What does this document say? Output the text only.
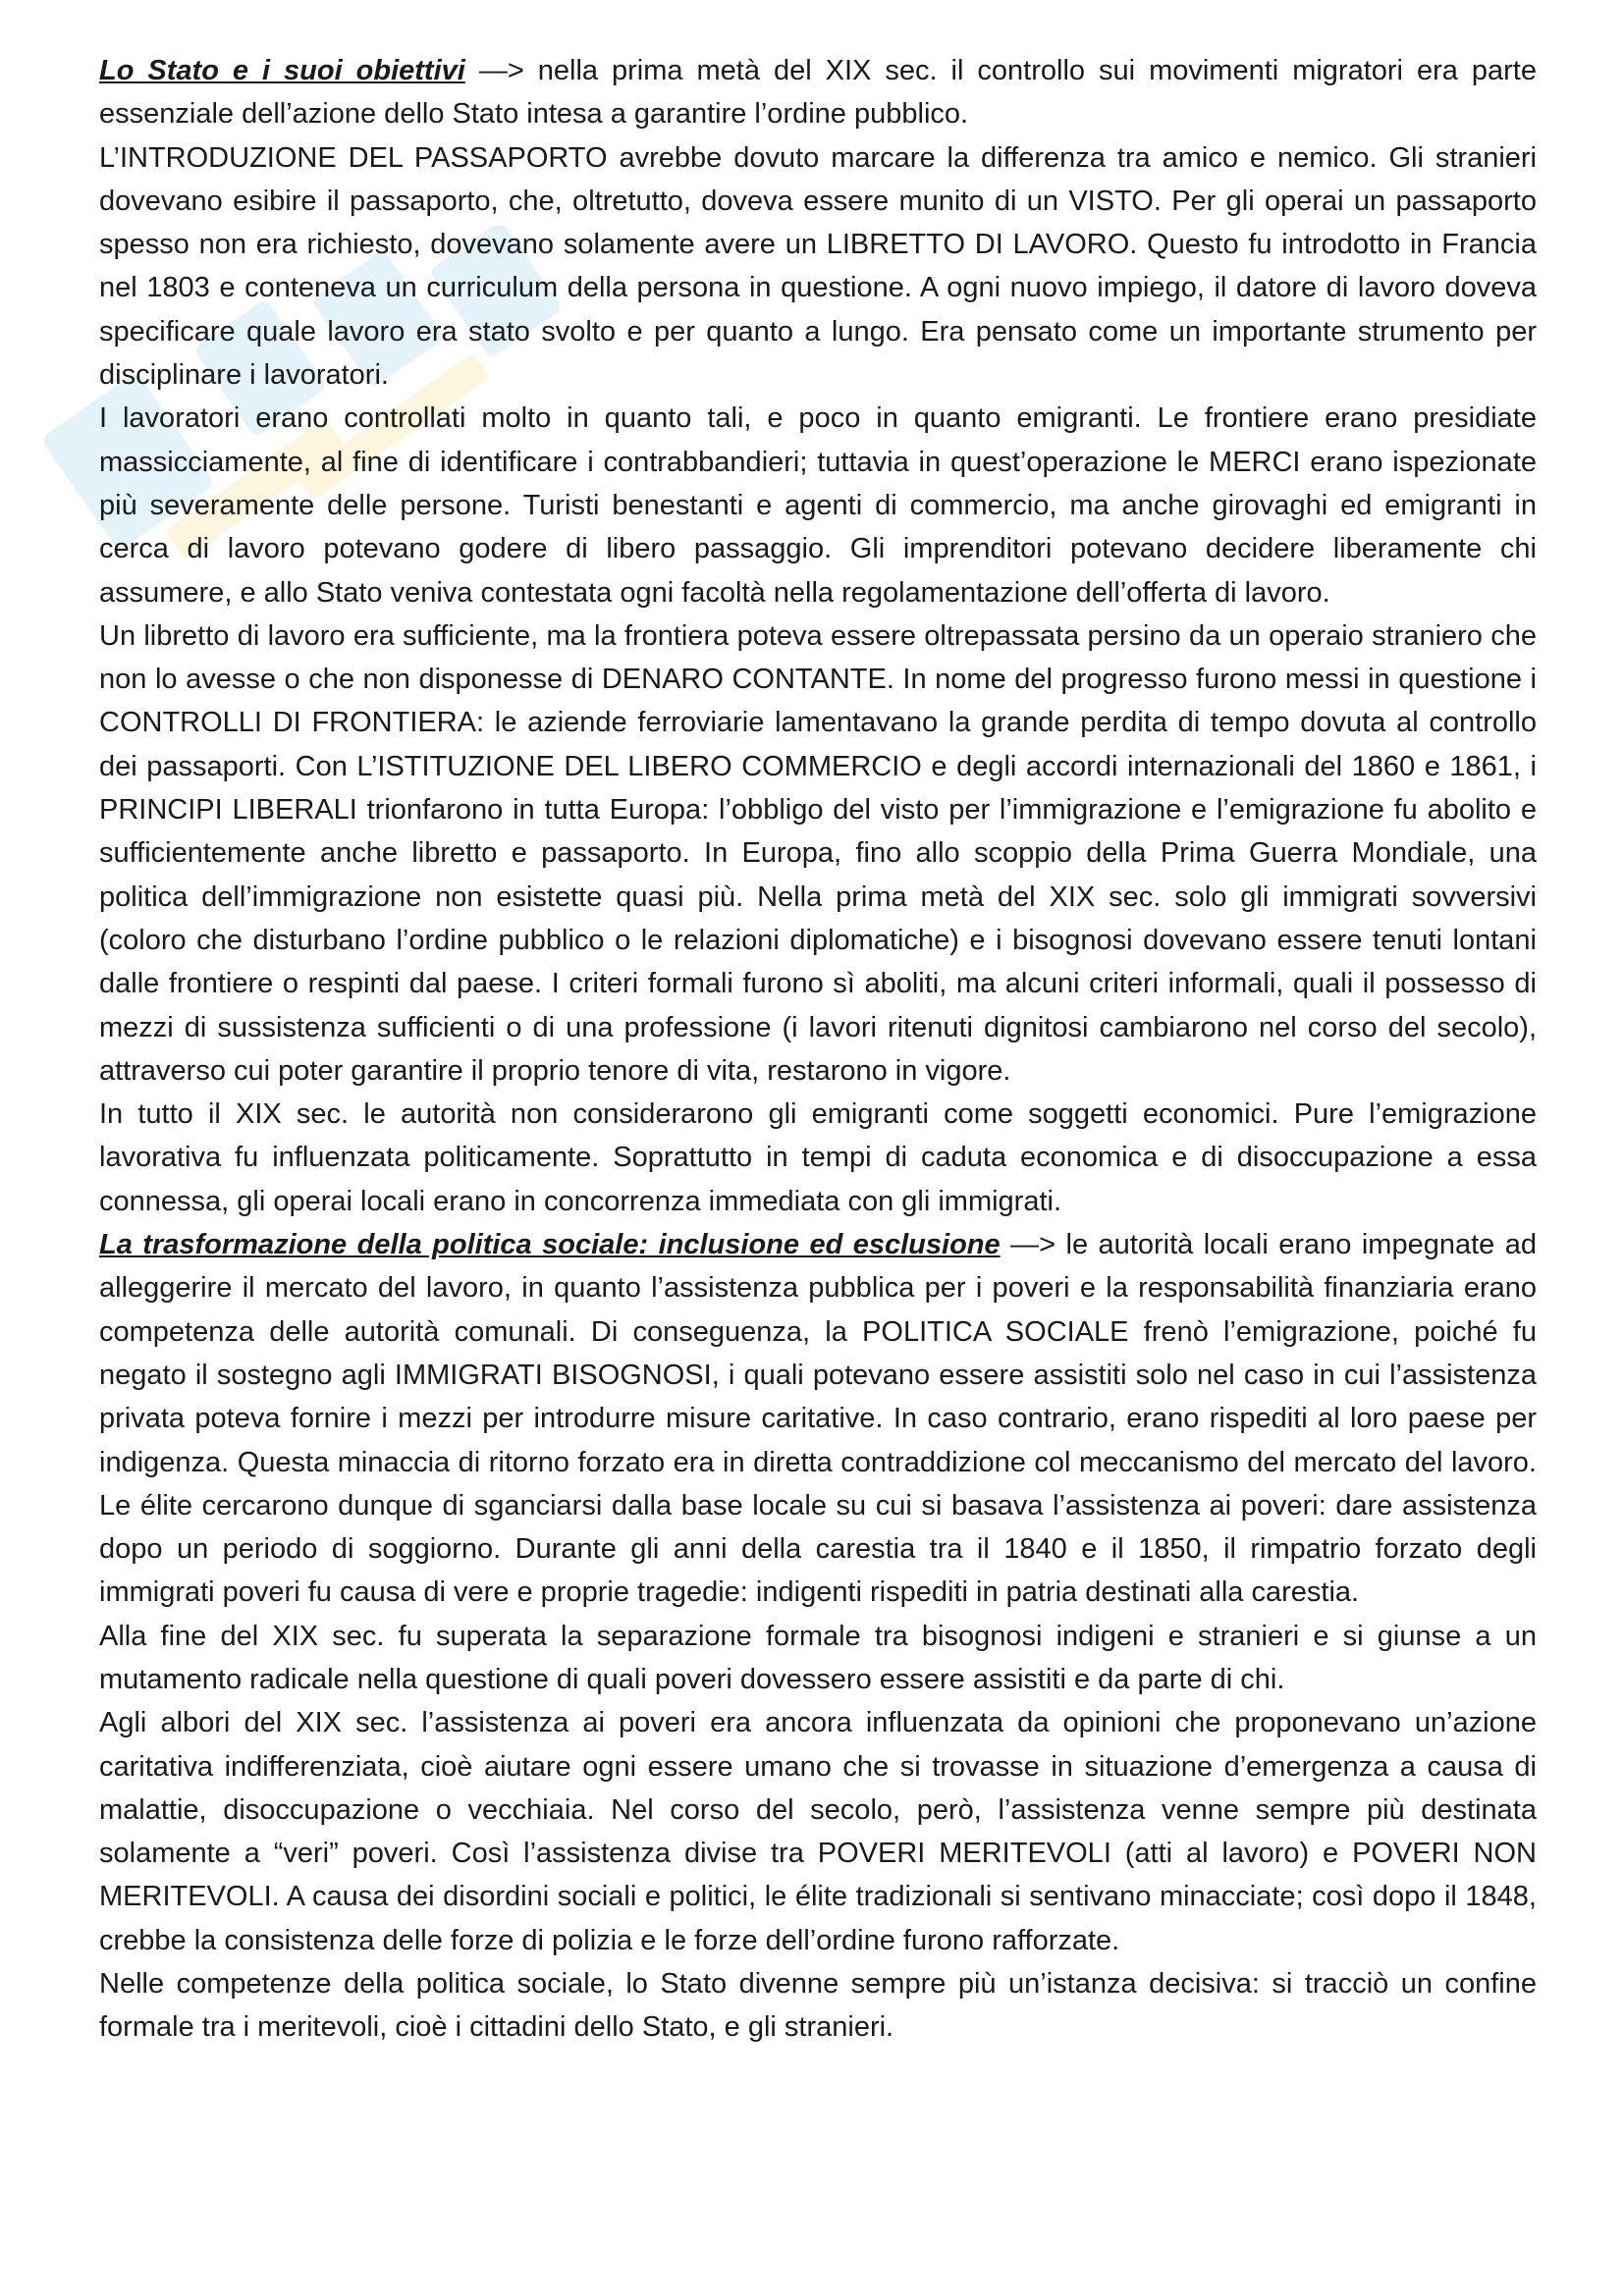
Lo Stato e i suoi obiettivi —> nella prima metà del XIX sec. il controllo sui movimenti migratori era parte essenziale dell’azione dello Stato intesa a garantire l’ordine pubblico.

L’INTRODUZIONE DEL PASSAPORTO avrebbe dovuto marcare la differenza tra amico e nemico. Gli stranieri dovevano esibire il passaporto, che, oltretutto, doveva essere munito di un VISTO. Per gli operai un passaporto spesso non era richiesto, dovevano solamente avere un LIBRETTO DI LAVORO. Questo fu introdotto in Francia nel 1803 e conteneva un curriculum della persona in questione. A ogni nuovo impiego, il datore di lavoro doveva specificare quale lavoro era stato svolto e per quanto a lungo. Era pensato come un importante strumento per disciplinare i lavoratori.

I lavoratori erano controllati molto in quanto tali, e poco in quanto emigranti. Le frontiere erano presidiate massicciamente, al fine di identificare i contrabbandieri; tuttavia in quest’operazione le MERCI erano ispezionate più severamente delle persone. Turisti benestanti e agenti di commercio, ma anche girovaghi ed emigranti in cerca di lavoro potevano godere di libero passaggio. Gli imprenditori potevano decidere liberamente chi assumere, e allo Stato veniva contestata ogni facoltà nella regolamentazione dell’offerta di lavoro.

Un libretto di lavoro era sufficiente, ma la frontiera poteva essere oltrepassata persino da un operaio straniero che non lo avesse o che non disponesse di DENARO CONTANTE. In nome del progresso furono messi in questione i CONTROLLI DI FRONTIERA: le aziende ferroviarie lamentavano la grande perdita di tempo dovuta al controllo dei passaporti. Con L’ISTITUZIONE DEL LIBERO COMMERCIO e degli accordi internazionali del 1860 e 1861, i PRINCIPI LIBERALI trionfarono in tutta Europa: l’obbligo del visto per l’immigrazione e l’emigrazione fu abolito e sufficientemente anche libretto e passaporto. In Europa, fino allo scoppio della Prima Guerra Mondiale, una politica dell’immigrazione non esistette quasi più. Nella prima metà del XIX sec. solo gli immigrati sovversivi (coloro che disturbano l’ordine pubblico o le relazioni diplomatiche) e i bisognosi dovevano essere tenuti lontani dalle frontiere o respinti dal paese. I criteri formali furono sì aboliti, ma alcuni criteri informali, quali il possesso di mezzi di sussistenza sufficienti o di una professione (i lavori ritenuti dignitosi cambiarono nel corso del secolo), attraverso cui poter garantire il proprio tenore di vita, restarono in vigore.

In tutto il XIX sec. le autorità non considerarono gli emigranti come soggetti economici. Pure l’emigrazione lavorativa fu influenzata politicamente. Soprattutto in tempi di caduta economica e di disoccupazione a essa connessa, gli operai locali erano in concorrenza immediata con gli immigrati.

La trasformazione della politica sociale: inclusione ed esclusione —> le autorità locali erano impegnate ad alleggerire il mercato del lavoro, in quanto l’assistenza pubblica per i poveri e la responsabilità finanziaria erano competenza delle autorità comunali. Di conseguenza, la POLITICA SOCIALE frenò l’emigrazione, poiché fu negato il sostegno agli IMMIGRATI BISOGNOSI, i quali potevano essere assistiti solo nel caso in cui l’assistenza privata poteva fornire i mezzi per introdurre misure caritative. In caso contrario, erano rispediti al loro paese per indigenza. Questa minaccia di ritorno forzato era in diretta contraddizione col meccanismo del mercato del lavoro. Le élite cercarono dunque di sganciarsi dalla base locale su cui si basava l’assistenza ai poveri: dare assistenza dopo un periodo di soggiorno. Durante gli anni della carestia tra il 1840 e il 1850, il rimpatrio forzato degli immigrati poveri fu causa di vere e proprie tragedie: indigenti rispediti in patria destinati alla carestia.

Alla fine del XIX sec. fu superata la separazione formale tra bisognosi indigeni e stranieri e si giunse a un mutamento radicale nella questione di quali poveri dovessero essere assistiti e da parte di chi.

Agli albori del XIX sec. l’assistenza ai poveri era ancora influenzata da opinioni che proponevano un’azione caritativa indifferenziata, cioè aiutare ogni essere umano che si trovasse in situazione d’emergenza a causa di malattie, disoccupazione o vecchiaia. Nel corso del secolo, però, l’assistenza venne sempre più destinata solamente a “veri” poveri. Così l’assistenza divise tra POVERI MERITEVOLI (atti al lavoro) e POVERI NON MERITEVOLI. A causa dei disordini sociali e politici, le élite tradizionali si sentivano minacciate; così dopo il 1848, crebbe la consistenza delle forze di polizia e le forze dell’ordine furono rafforzate.

Nelle competenze della politica sociale, lo Stato divenne sempre più un’istanza decisiva: si tracciò un confine formale tra i meritevoli, cioè i cittadini dello Stato, e gli stranieri.
